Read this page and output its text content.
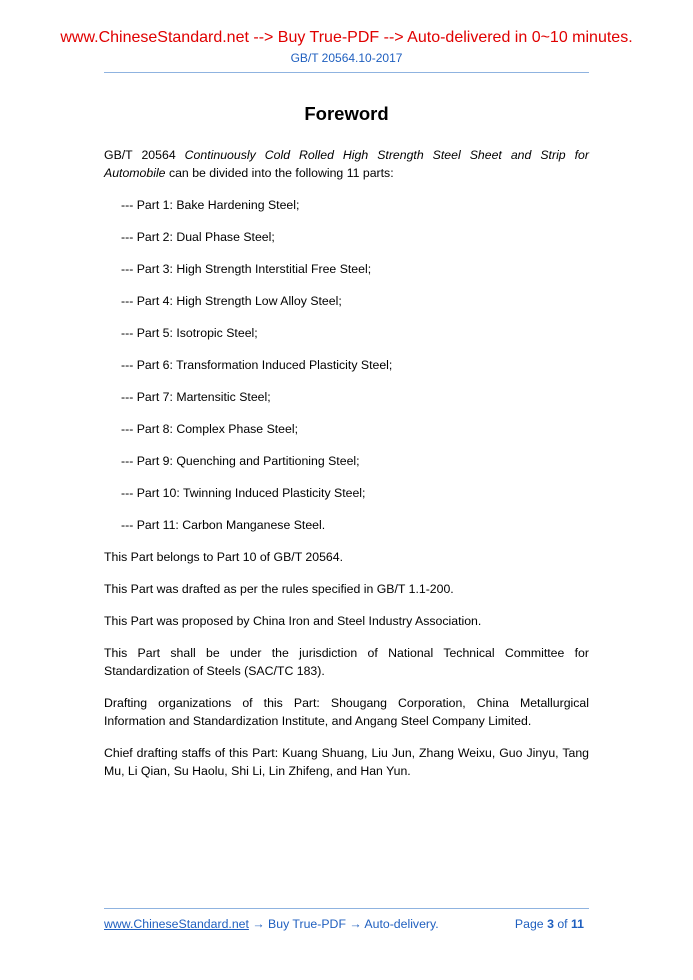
www.ChineseStandard.net --> Buy True-PDF --> Auto-delivered in 0~10 minutes.
GB/T 20564.10-2017
Foreword

GB/T 20564 Continuously Cold Rolled High Strength Steel Sheet and Strip for Automobile can be divided into the following 11 parts:

--- Part 1: Bake Hardening Steel;

--- Part 2: Dual Phase Steel;

--- Part 3: High Strength Interstitial Free Steel;

--- Part 4: High Strength Low Alloy Steel;

--- Part 5: Isotropic Steel;

--- Part 6: Transformation Induced Plasticity Steel;

--- Part 7: Martensitic Steel;

--- Part 8: Complex Phase Steel;

--- Part 9: Quenching and Partitioning Steel;

--- Part 10: Twinning Induced Plasticity Steel;

--- Part 11: Carbon Manganese Steel.

This Part belongs to Part 10 of GB/T 20564.

This Part was drafted as per the rules specified in GB/T 1.1-200.

This Part was proposed by China Iron and Steel Industry Association.

This Part shall be under the jurisdiction of National Technical Committee for Standardization of Steels (SAC/TC 183).

Drafting organizations of this Part: Shougang Corporation, China Metallurgical Information and Standardization Institute, and Angang Steel Company Limited.

Chief drafting staffs of this Part: Kuang Shuang, Liu Jun, Zhang Weixu, Guo Jinyu, Tang Mu, Li Qian, Su Haolu, Shi Li, Lin Zhifeng, and Han Yun.

www.ChineseStandard.net → Buy True-PDF → Auto-delivery.	Page 3 of 11
